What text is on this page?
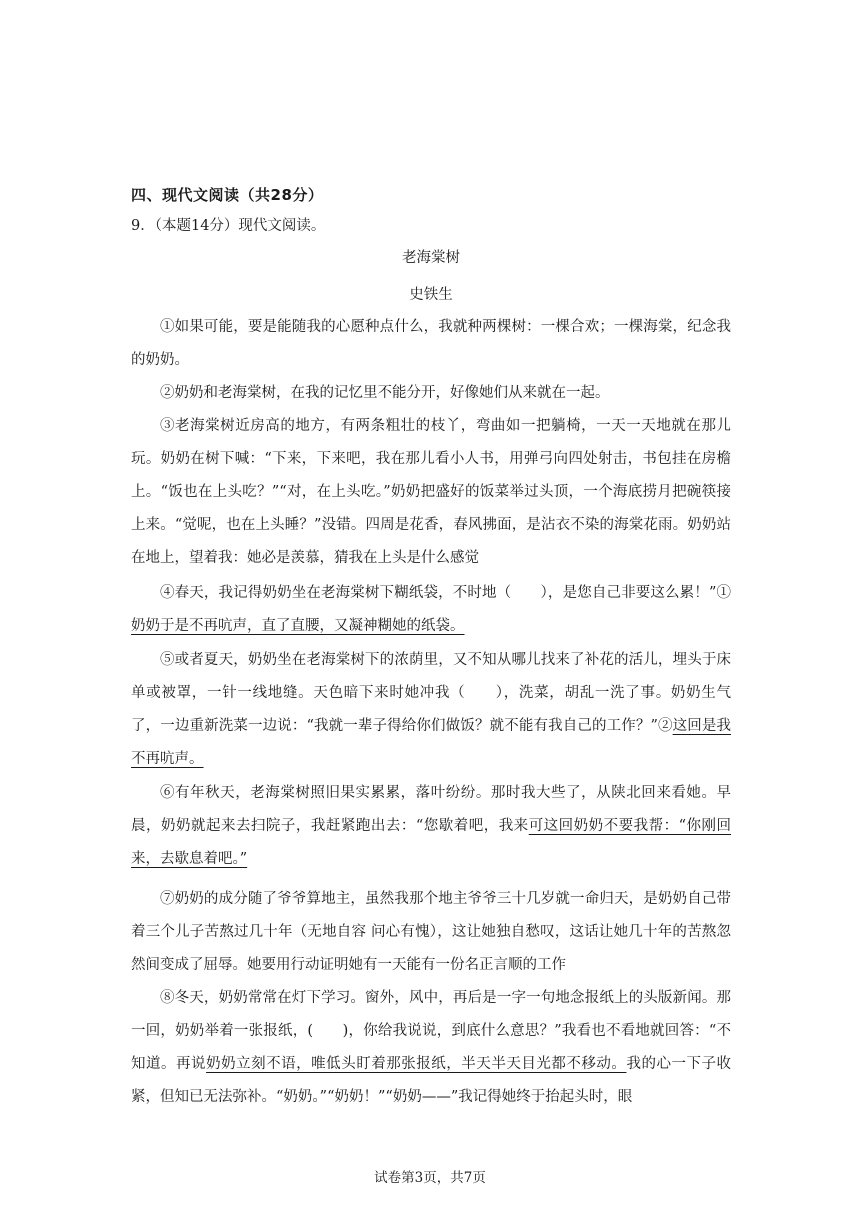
四、现代文阅读（共28分）
9．（本题14分）现代文阅读。
老海棠树
史铁生

①如果可能，要是能随我的心愿种点什么，我就种两棵树：一棵合欢；一棵海棠，纪念我的奶奶。

②奶奶和老海棠树，在我的记忆里不能分开，好像她们从来就在一起。

③老海棠树近房高的地方，有两条粗壮的枝丫，弯曲如一把躺椅，一天一天地就在那儿玩。奶奶在树下喊：“下来，下来吧，我在那儿看小人书，用弹弓向四处射击，书包挂在房檐上。“饭也在上头吃？”“对，在上头吃。”奶奶把盛好的饭菜举过头顶，一个海底捞月把碗筷接上来。“觉呢，也在上头睡？”没错。四周是花香，春风拂面，是沾衣不染的海棠花雨。奶奶站在地上，望着我：她必是羡慕，猜我在上头是什么感觉

④春天，我记得奶奶坐在老海棠树下糊纸袋，不时地（　　），是您自己非要这么累！”①奶奶于是不再吭声，直了直腰，又凝神糊她的纸袋。

⑤或者夏天，奶奶坐在老海棠树下的浓荫里，又不知从哪儿找来了补花的活儿，埋头于床单或被罩，一针一线地缝。天色暗下来时她冲我（　　），洗菜，胡乱一洗了事。奶奶生气了，一边重新洗菜一边说：“我就一辈子得给你们做饭？就不能有我自己的工作？”②这回是我不再吭声。

⑥有年秋天，老海棠树照旧果实累累，落叶纷纷。那时我大些了，从陕北回来看她。早晨，奶奶就起来去扫院子，我赶紧跑出去：“您歇着吧，我来可这回奶奶不要我帮：“你刚回来，去歇息着吧。”

⑦奶奶的成分随了爷爷算地主，虽然我那个地主爷爷三十几岁就一命归天，是奶奶自己带着三个儿子苦熬过几十年（无地自容 问心有愧），这让她独自愁叹，这话让她几十年的苦熬忽然间变成了屈辱。她要用行动证明她有一天能有一份名正言顺的工作

⑧冬天，奶奶常常在灯下学习。窗外，风中，再后是一字一句地念报纸上的头版新闻。那一回，奶奶举着一张报纸，(　　)，你给我说说，到底什么意思？”我看也不看地就回答：“不知道。再说奶奶立刻不语，唯低头盯着那张报纸，半天半天目光都不移动。我的心一下子收紧，但知已无法弥补。“奶奶。”“奶奶！”“奶奶——”我记得她终于抬起头时，眼

试卷第3页，共7页
